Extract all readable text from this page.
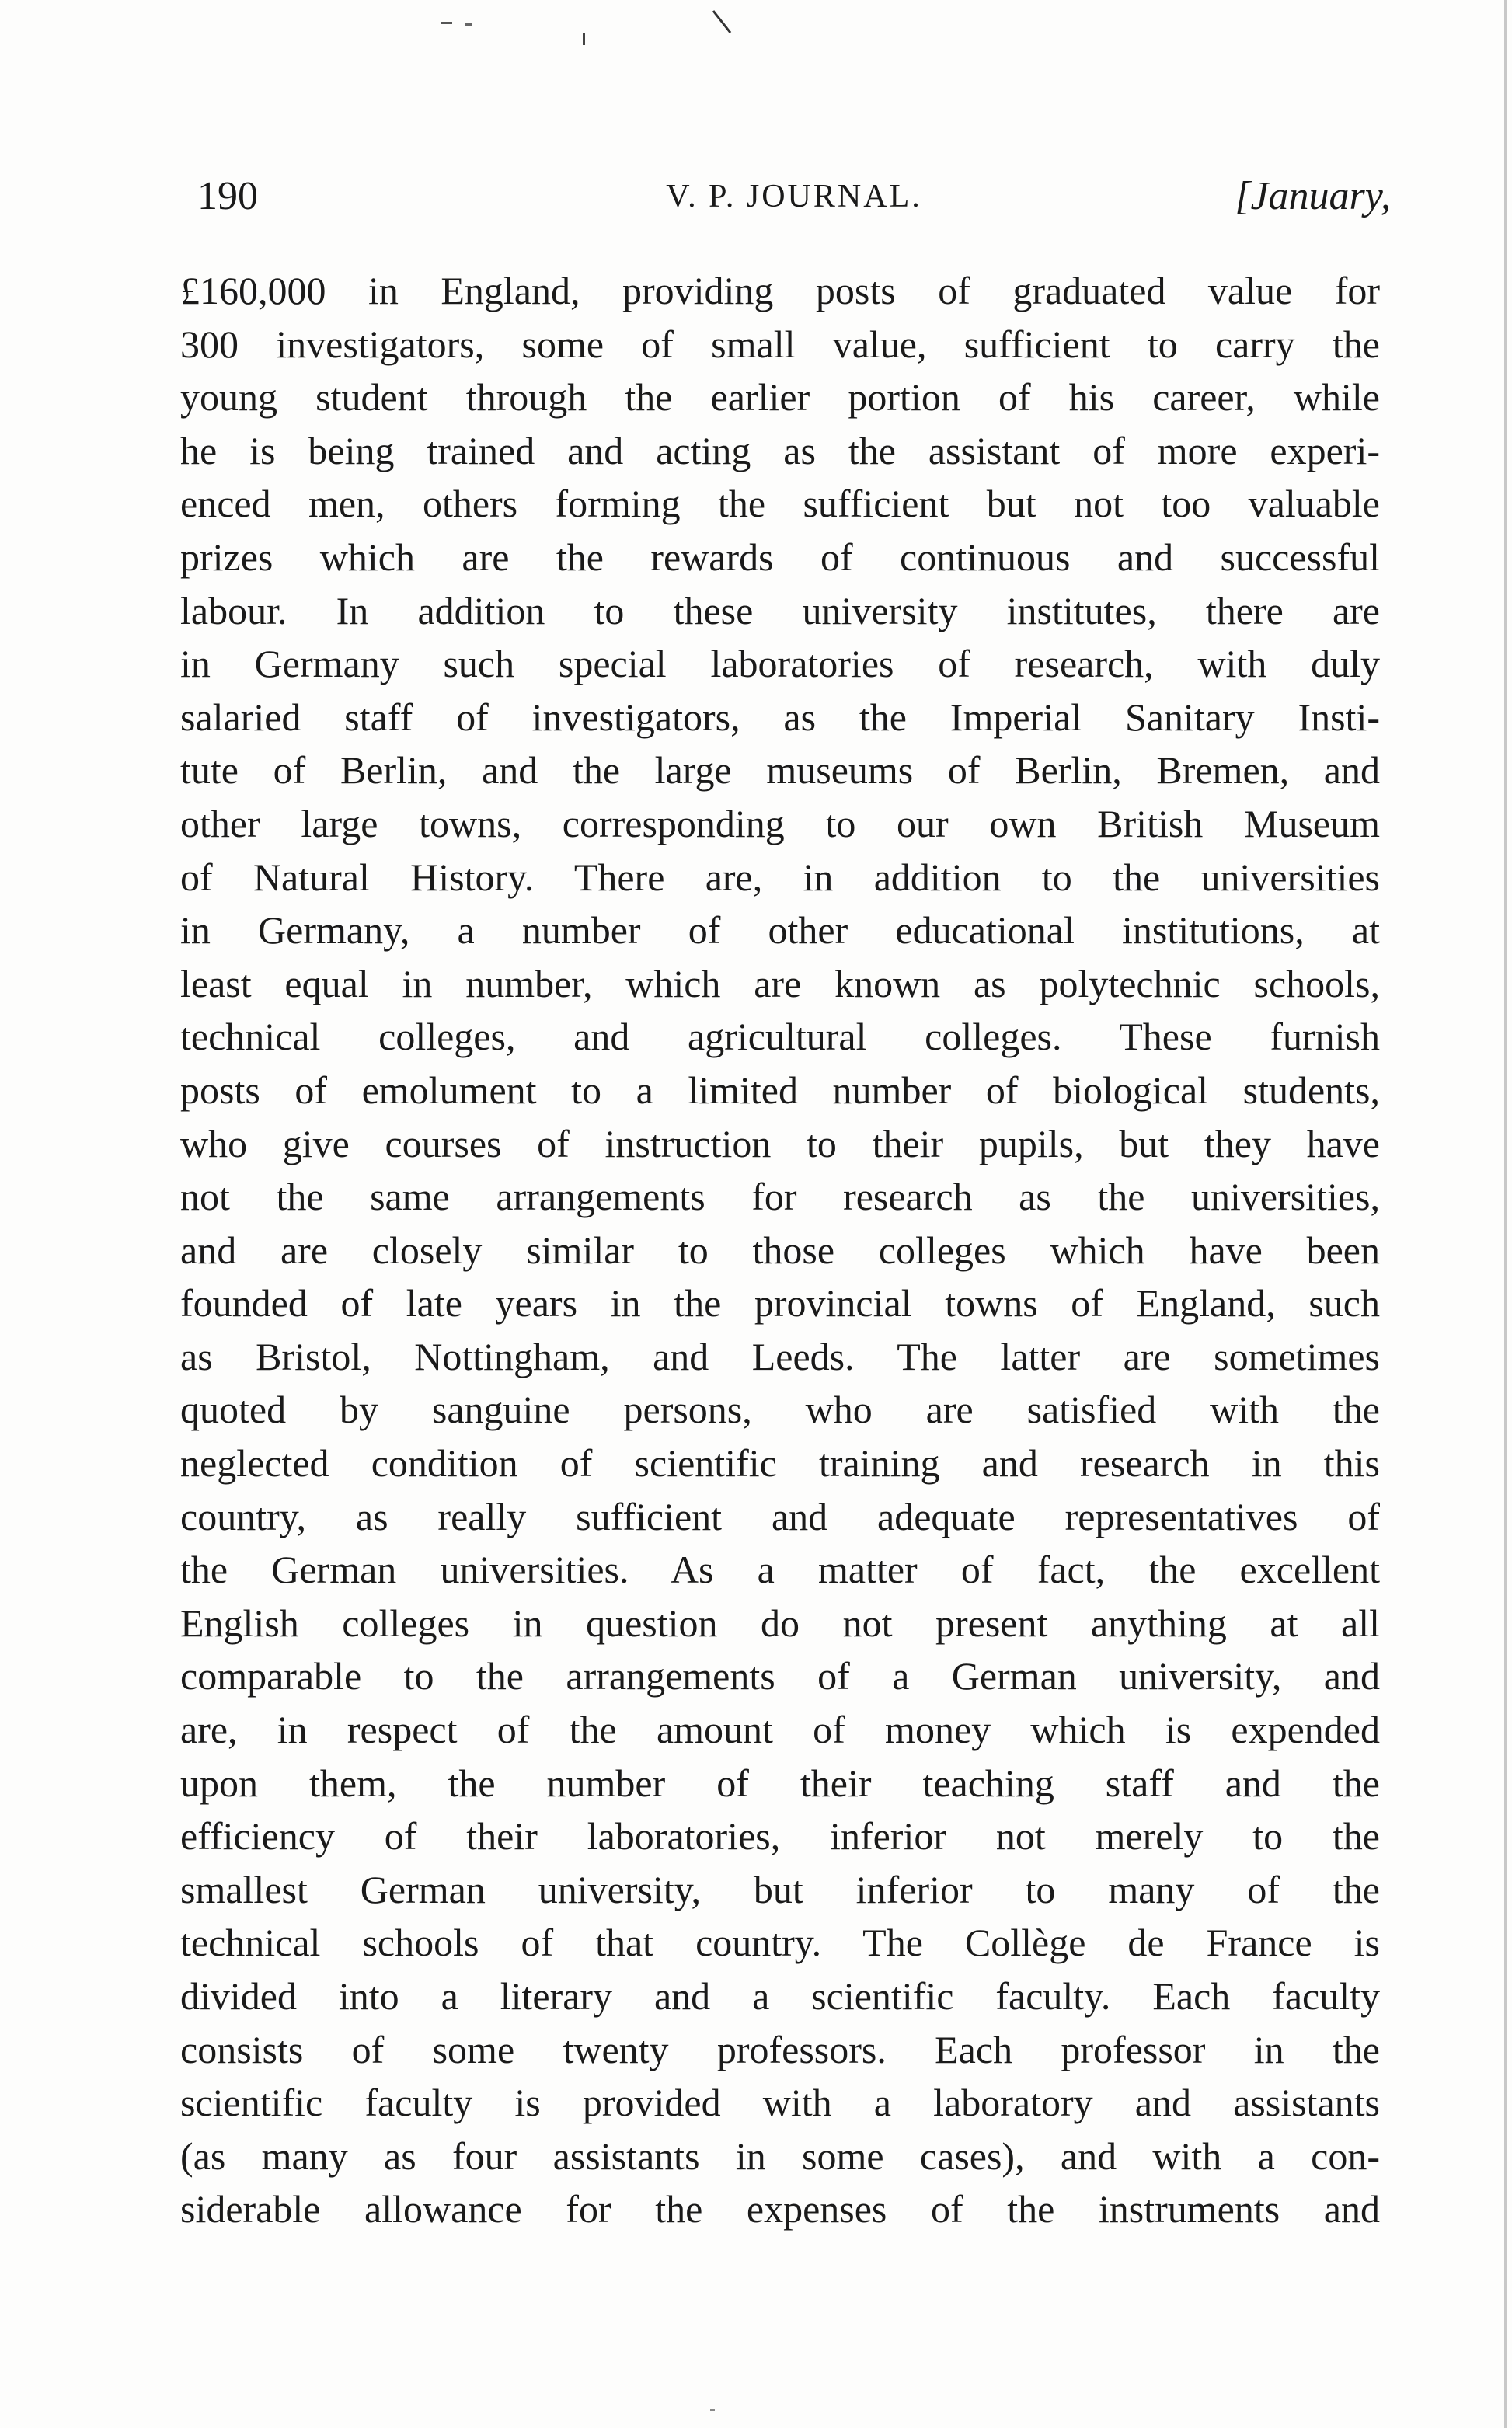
190	V. P. JOURNAL.	[January,
£160,000 in England, providing posts of graduated value for
300 investigators, some of small value, sufficient to carry the
young student through the earlier portion of his career, while
he is being trained and acting as the assistant of more experi-
enced men, others forming the sufficient but not too valuable
prizes which are the rewards of continuous and successful
labour. In addition to these university institutes, there are
in Germany such special laboratories of research, with duly
salaried staff of investigators, as the Imperial Sanitary Insti-
tute of Berlin, and the large museums of Berlin, Bremen, and
other large towns, corresponding to our own British Museum
of Natural History. There are, in addition to the universities
in Germany, a number of other educational institutions, at
least equal in number, which are known as polytechnic schools,
technical colleges, and agricultural colleges. These furnish
posts of emolument to a limited number of biological students,
who give courses of instruction to their pupils, but they have
not the same arrangements for research as the universities,
and are closely similar to those colleges which have been
founded of late years in the provincial towns of England, such
as Bristol, Nottingham, and Leeds. The latter are sometimes
quoted by sanguine persons, who are satisfied with the
neglected condition of scientific training and research in this
country, as really sufficient and adequate representatives of
the German universities. As a matter of fact, the excellent
English colleges in question do not present anything at all
comparable to the arrangements of a German university, and
are, in respect of the amount of money which is expended
upon them, the number of their teaching staff and the
efficiency of their laboratories, inferior not merely to the
smallest German university, but inferior to many of the
technical schools of that country. The Collège de France is
divided into a literary and a scientific faculty. Each faculty
consists of some twenty professors. Each professor in the
scientific faculty is provided with a laboratory and assistants
(as many as four assistants in some cases), and with a con-
siderable allowance for the expenses of the instruments and
